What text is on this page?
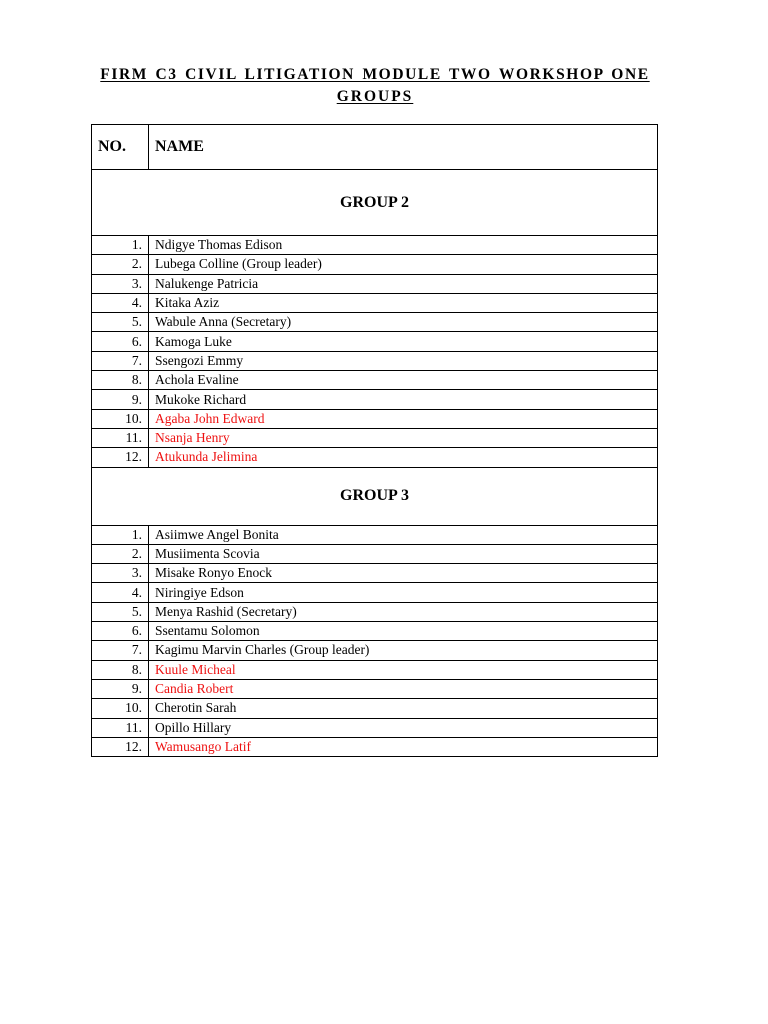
FIRM C3 CIVIL LITIGATION MODULE TWO WORKSHOP ONE
GROUPS
NO.	NAME
GROUP 2	
1.	Ndigye Thomas Edison
2.	Lubega Colline (Group leader)
3.	Nalukenge Patricia
4.	Kitaka Aziz
5.	Wabule Anna (Secretary)
6.	Kamoga Luke
7.	Ssengozi Emmy
8.	Achola Evaline
9.	Mukoke Richard
10.	Agaba John Edward
11.	Nsanja Henry
12.	Atukunda Jelimina
GROUP 3	
1.	Asiimwe Angel Bonita
2.	Musiimenta Scovia
3.	Misake Ronyo Enock
4.	Niringiye Edson
5.	Menya Rashid (Secretary)
6.	Ssentamu Solomon
7.	Kagimu Marvin Charles (Group leader)
8.	Kuule Micheal
9.	Candia Robert
10.	Cherotin Sarah
11.	Opillo Hillary
12.	Wamusango Latif
